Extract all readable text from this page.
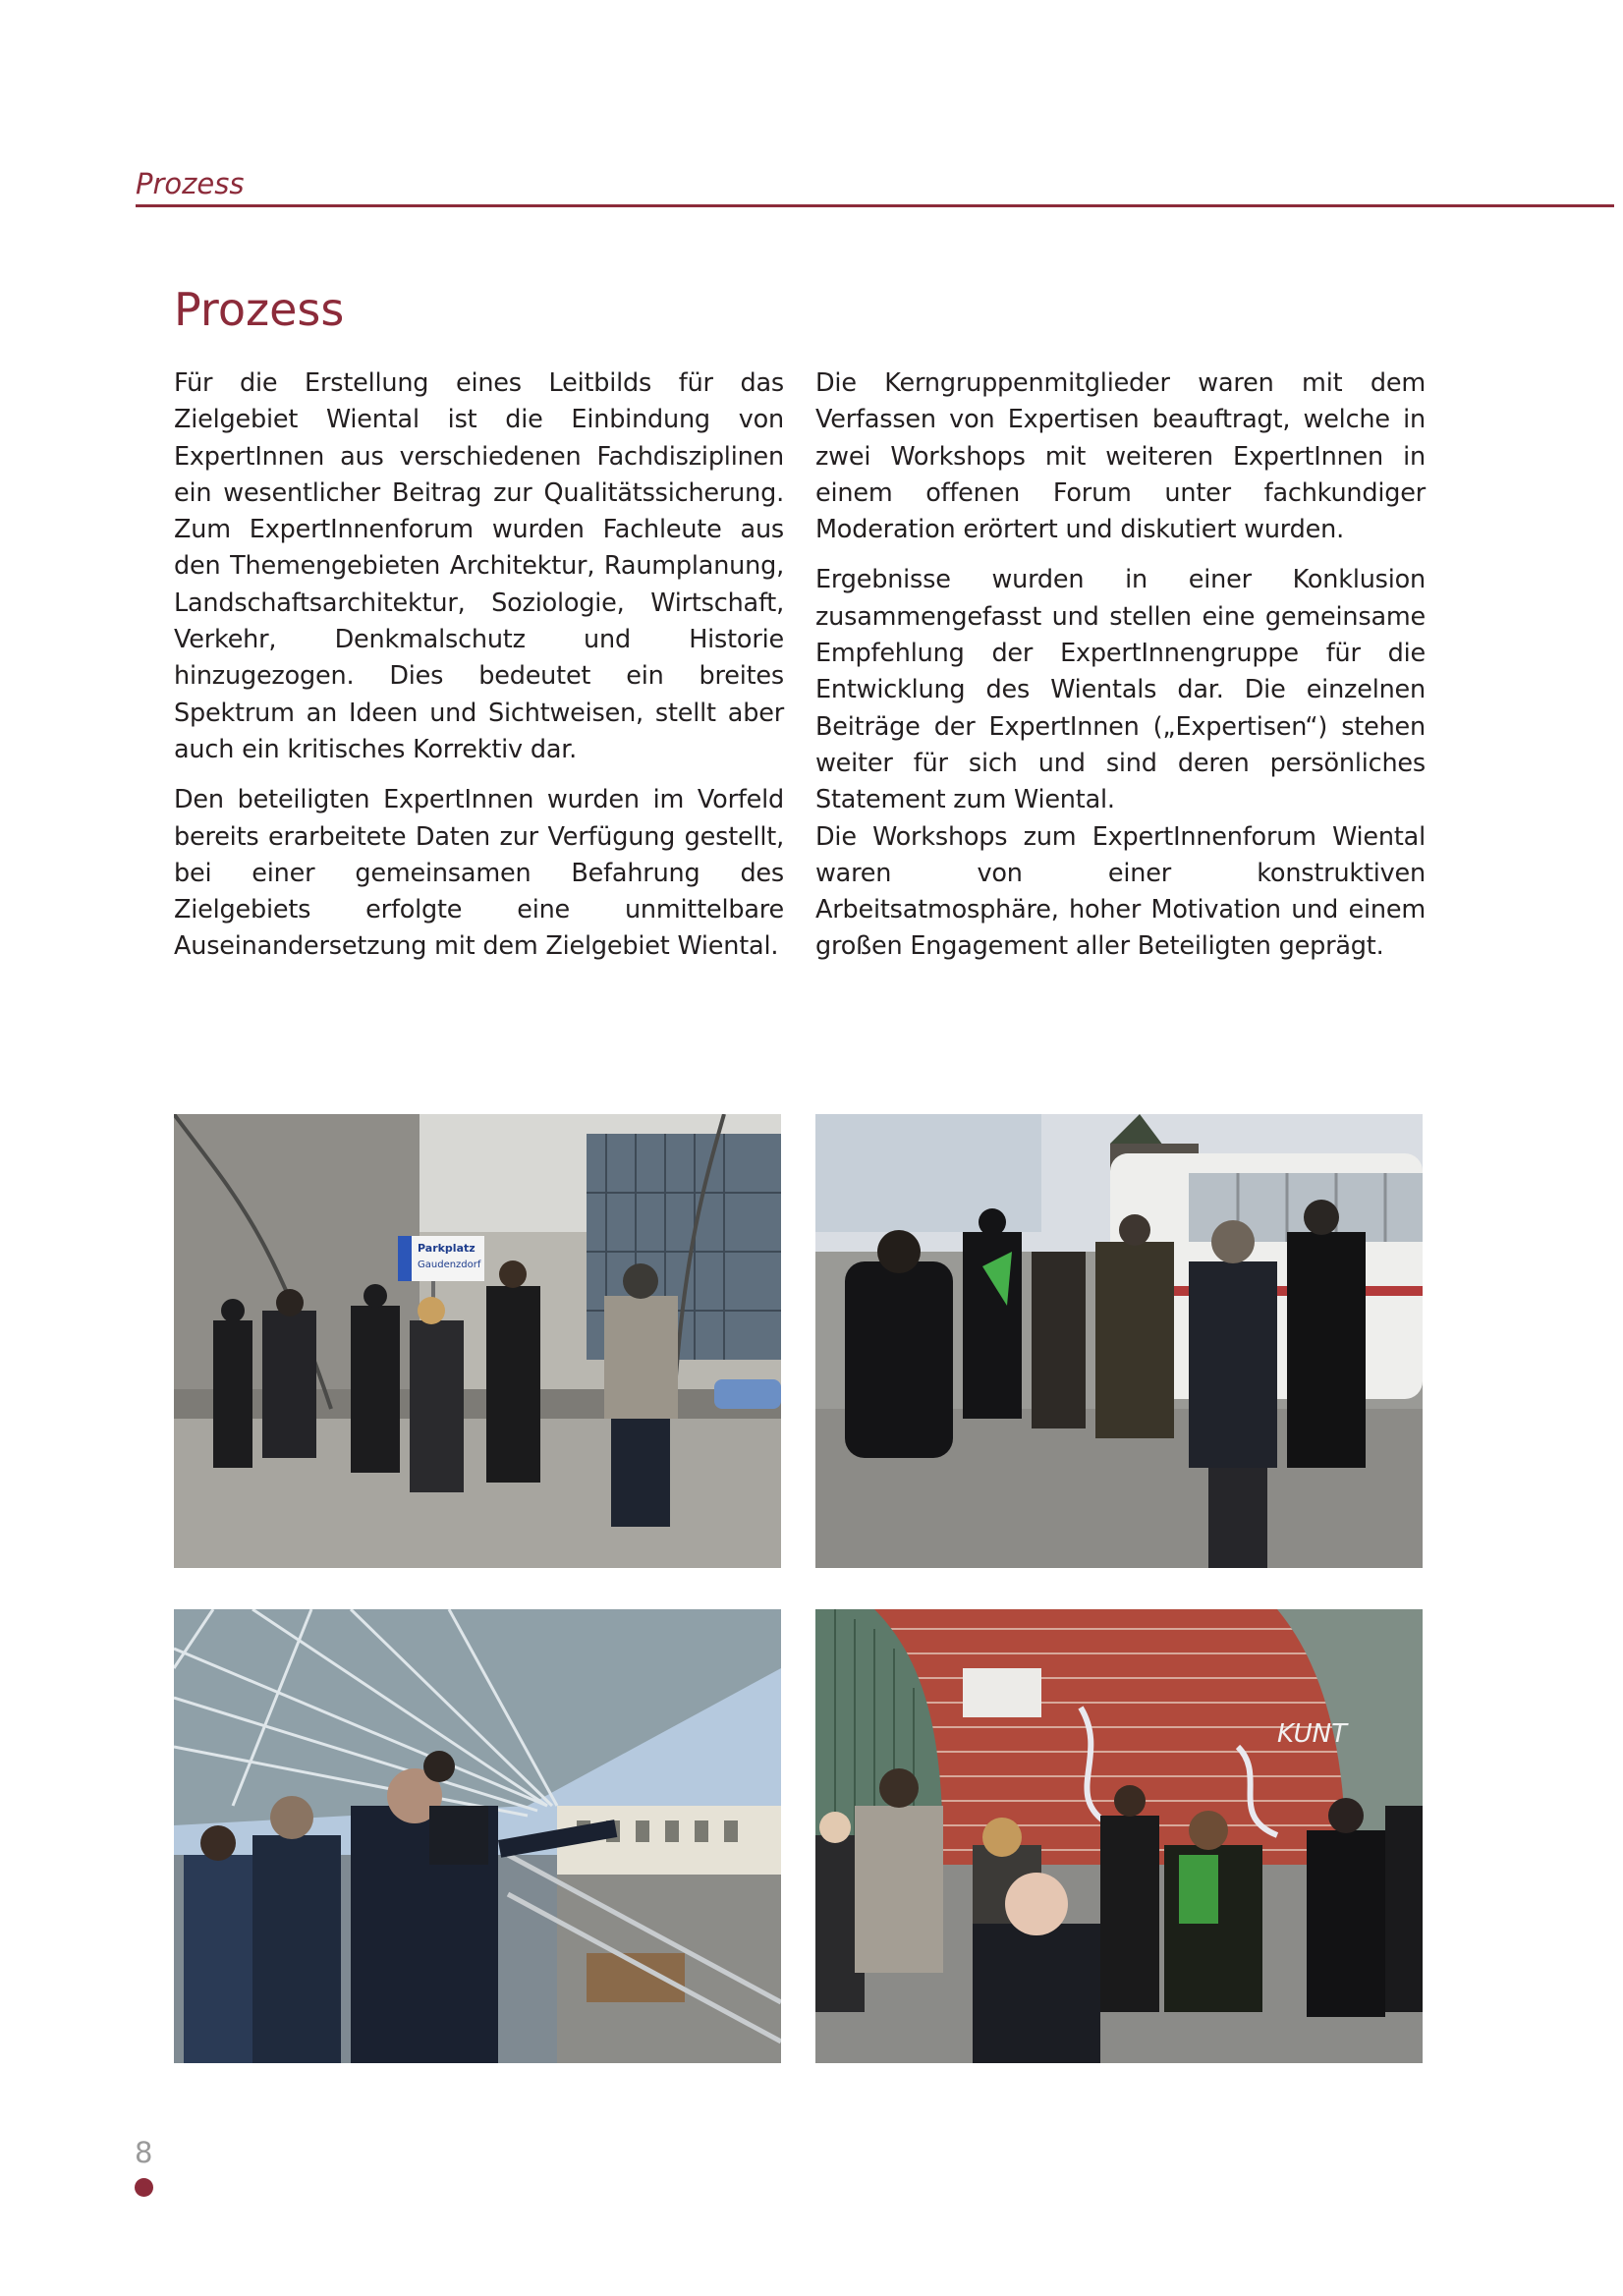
Prozess
Prozess

Für die Erstellung eines Leitbilds für das Zielgebiet Wiental ist die Einbindung von ExpertInnen aus verschiedenen Fachdisziplinen ein wesentlicher Beitrag zur Qualitätssicherung. Zum ExpertInnenforum wurden Fachleute aus den Themengebieten Architektur, Raumplanung, Landschaftsarchitektur, Soziologie, Wirtschaft, Verkehr, Denkmalschutz und Historie hinzugezogen. Dies bedeutet ein breites Spektrum an Ideen und Sichtweisen, stellt aber auch ein kritisches Korrektiv dar.

Den beteiligten ExpertInnen wurden im Vorfeld bereits erarbeitete Daten zur Verfügung gestellt, bei einer gemeinsamen Befahrung des Zielgebiets erfolgte eine unmittelbare Auseinandersetzung mit dem Zielgebiet Wiental.

Die Kerngruppenmitglieder waren mit dem Verfassen von Expertisen beauftragt, welche in zwei Workshops mit weiteren ExpertInnen in einem offenen Forum unter fachkundiger Moderation erörtert und diskutiert wurden.

Ergebnisse wurden in einer Konklusion zusammengefasst und stellen eine gemeinsame Empfehlung der ExpertInnengruppe für die Entwicklung des Wientals dar. Die einzelnen Beiträge der ExpertInnen („Expertisen“) stehen weiter für sich und sind deren persönliches Statement zum Wiental.

Die Workshops zum ExpertInnenforum Wiental waren von einer konstruktiven Arbeitsatmosphäre, hoher Motivation und einem großen Engagement aller Beteiligten geprägt.

Parkplatz
Gaudenzdorf
KUNT
8
